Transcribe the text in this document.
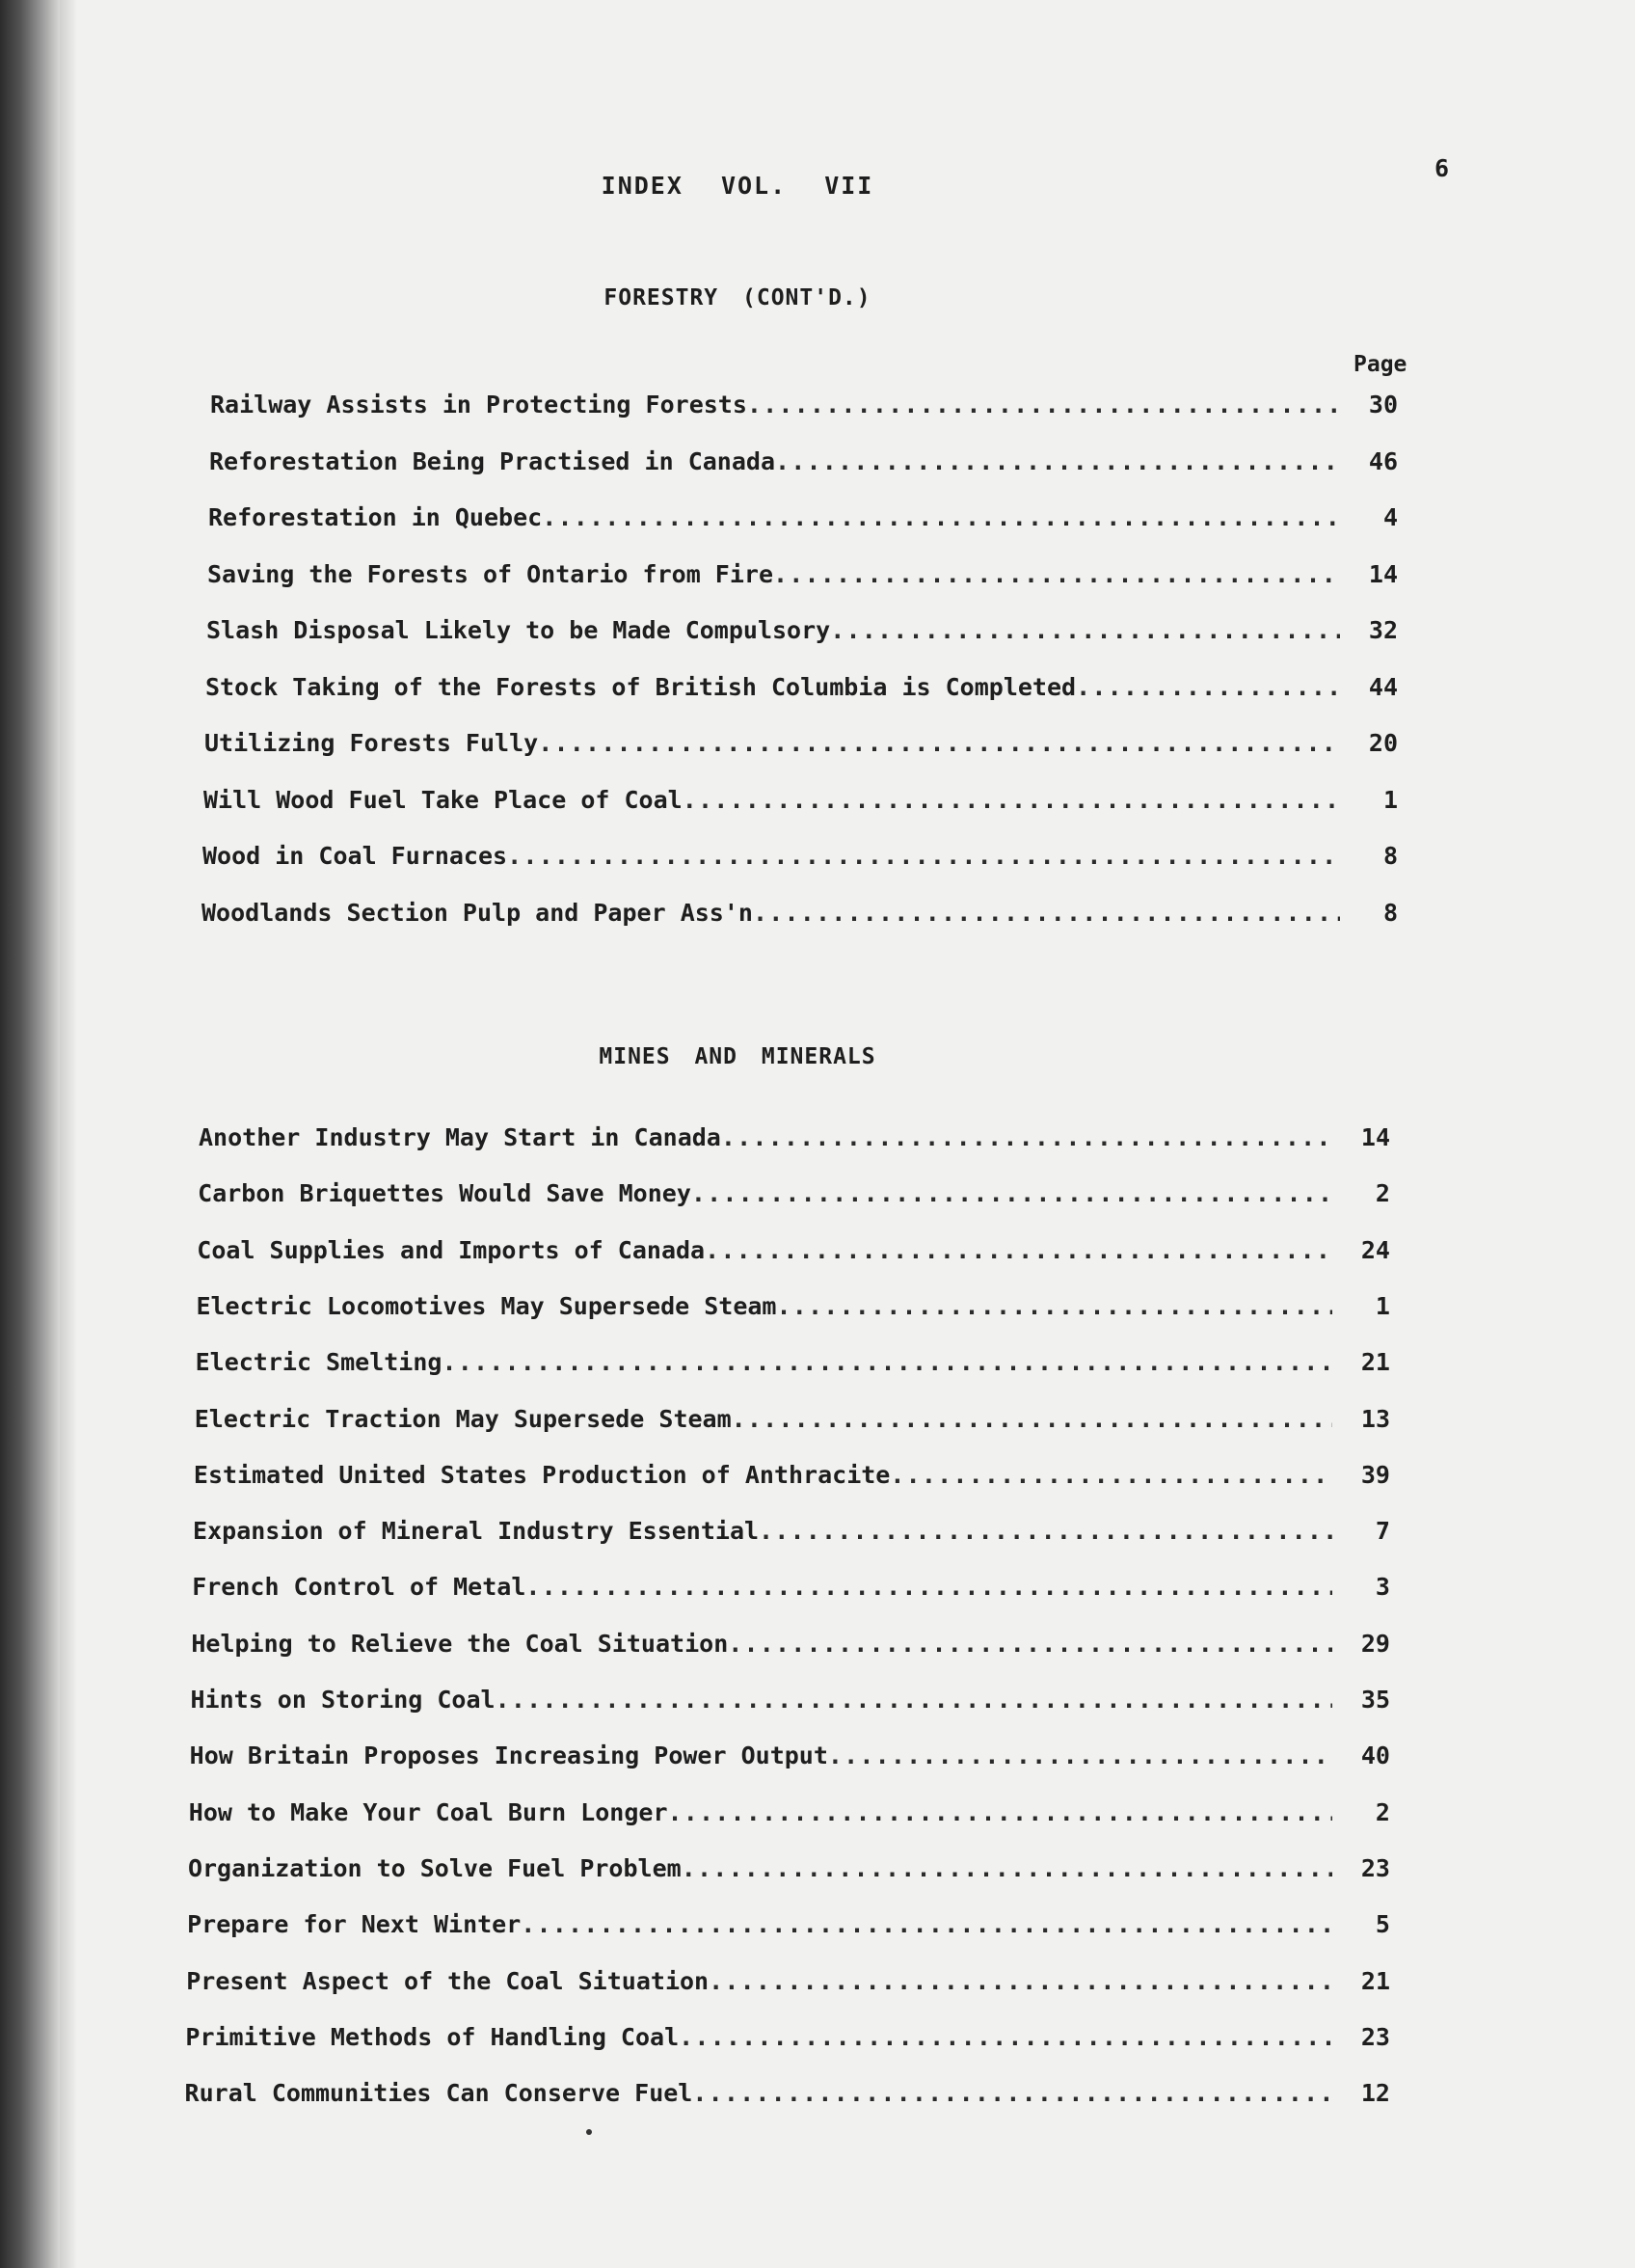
INDEX VOL. VII
6
FORESTRY (CONT'D.)
Page
MINES AND MINERALS
Railway Assists in Protecting Forests .....	30
Reforestation Being Practised in Canada .....	46
Reforestation in Quebec .....	4
Saving the Forests of Ontario from Fire .....	14
Slash Disposal Likely to be Made Compulsory .....	32
Stock Taking of the Forests of British Columbia is Completed .....	44
Utilizing Forests Fully .....	20
Will Wood Fuel Take Place of Coal .....	1
Wood in Coal Furnaces .....	8
Woodlands Section Pulp and Paper Ass'n .....	8
Another Industry May Start in Canada .....	14
Carbon Briquettes Would Save Money .....	2
Coal Supplies and Imports of Canada .....	24
Electric Locomotives May Supersede Steam .....	1
Electric Smelting .....	21
Electric Traction May Supersede Steam .....	13
Estimated United States Production of Anthracite .....	39
Expansion of Mineral Industry Essential .....	7
French Control of Metal .....	3
Helping to Relieve the Coal Situation .....	29
Hints on Storing Coal .....	35
How Britain Proposes Increasing Power Output .....	40
How to Make Your Coal Burn Longer .....	2
Organization to Solve Fuel Problem .....	23
Prepare for Next Winter .....	5
Present Aspect of the Coal Situation .....	21
Primitive Methods of Handling Coal .....	23
Rural Communities Can Conserve Fuel .....	12
